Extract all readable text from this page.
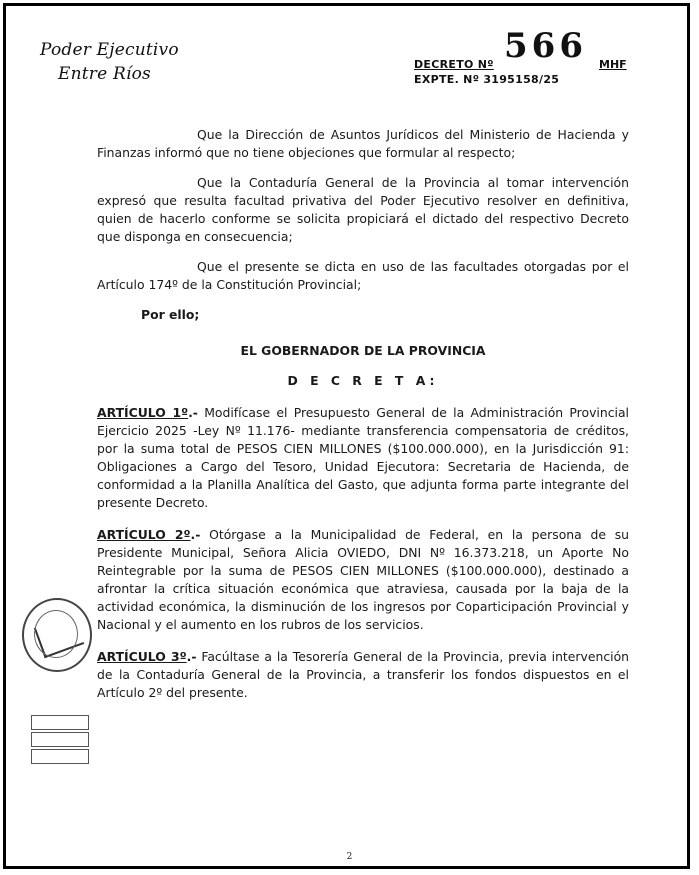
Poder Ejecutivo
Entre Ríos	DECRETO Nº 566 MHF
EXPTE. Nº 3195158/25

Que la Dirección de Asuntos Jurídicos del Ministerio de Hacienda y Finanzas informó que no tiene objeciones que formular al respecto;

Que la Contaduría General de la Provincia al tomar intervención expresó que resulta facultad privativa del Poder Ejecutivo resolver en definitiva, quien de hacerlo conforme se solicita propiciará el dictado del respectivo Decreto que disponga en consecuencia;

Que el presente se dicta en uso de las facultades otorgadas por el Artículo 174º de la Constitución Provincial;

Por ello;
EL GOBERNADOR DE LA PROVINCIA
D E C R E T A:

ARTÍCULO 1º.- Modifícase el Presupuesto General de la Administración Provincial Ejercicio 2025 -Ley Nº 11.176- mediante transferencia compensatoria de créditos, por la suma total de PESOS CIEN MILLONES ($100.000.000), en la Jurisdicción 91: Obligaciones a Cargo del Tesoro, Unidad Ejecutora: Secretaria de Hacienda, de conformidad a la Planilla Analítica del Gasto, que adjunta forma parte integrante del presente Decreto.

ARTÍCULO 2º.- Otórgase a la Municipalidad de Federal, en la persona de su Presidente Municipal, Señora Alicia OVIEDO, DNI Nº 16.373.218, un Aporte No Reintegrable por la suma de PESOS CIEN MILLONES ($100.000.000), destinado a afrontar la crítica situación económica que atraviesa, causada por la baja de la actividad económica, la disminución de los ingresos por Coparticipación Provincial y Nacional y el aumento en los rubros de los servicios.

ARTÍCULO 3º.- Facúltase a la Tesorería General de la Provincia, previa intervención de la Contaduría General de la Provincia, a transferir los fondos dispuestos en el Artículo 2º del presente.

2
